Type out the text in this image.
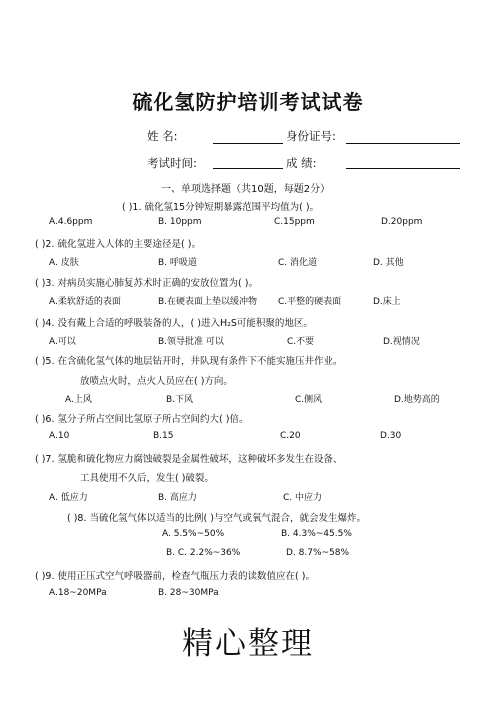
硫化氢防护培训考试试卷
姓 名:	身份证号:
考试时间:	成 绩:
一、单项选择题（共10题，每题2分）
( )1. 硫化氢15分钟短期暴露范围平均值为( )。
A.4.6ppm	B. 10ppm	C.15ppm	D.20ppm
( )2. 硫化氢进入人体的主要途径是( )。
A. 皮肤	B. 呼吸道	C. 消化道	D. 其他
( )3. 对病员实施心肺复苏术时正确的安放位置为( )。
A.柔软舒适的表面	B.在硬表面上垫以缓冲物 C.平整的硬表面	D.床上
( )4. 没有戴上合适的呼吸装备的人，( )进入H₂S可能积聚的地区。
A.可以	B.领导批准 可以	C.不要	D.视情况
( )5. 在含硫化氢气体的地层钻开时，井队现有条件下不能实施压井作业。
放喷点火时，点火人员应在( )方向。
A.上风	B.下风	C.侧风	D.地势高的
( )6. 氢分子所占空间比氢原子所占空间约大( )倍。
A.10	B.15	C.20	D.30
( )7. 氢脆和硫化物应力腐蚀破裂是金属性破坏，这种破坏多发生在设备、
工具使用不久后，发生( )破裂。
A. 低应力	B. 高应力	C. 中应力
( )8. 当硫化氢气体以适当的比例( )与空气或氧气混合，就会发生爆炸。
A. 5.5%~50%	B. 4.3%~45.5%
B. C. 2.2%~36%	D. 8.7%~58%
( )9. 使用正压式空气呼吸器前，检查气瓶压力表的读数值应在( )。
A.18~20MPa	B. 28~30MPa
精心整理
